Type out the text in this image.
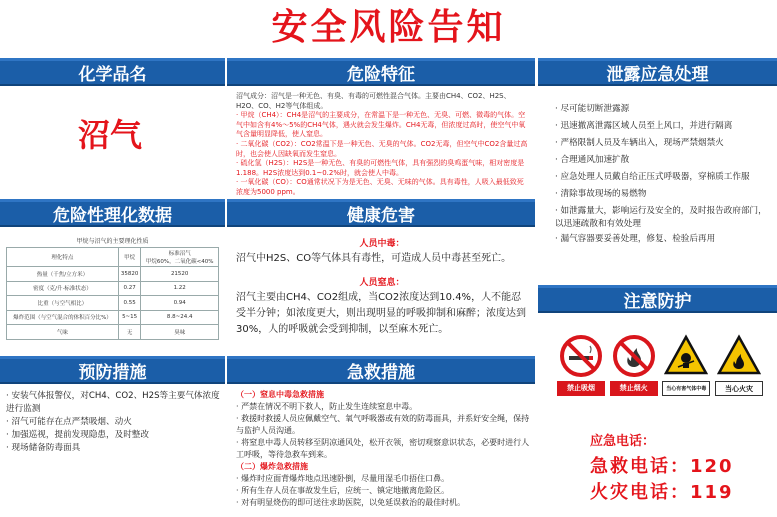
安全风险告知
化学品名
沼气
危险性理化数据
甲烷与沼气的主要理化性质
理化特点	甲烷	标准沼气
甲烷60%，二氧化碳<40%
热量（千焦/立方米）	35820	21520
密度（克/升·标准状态）	0.27	1.22
比重（与空气相比）	0.55	0.94
爆炸范围（与空气混合的体积百分比%）	5~15	8.8~24.4
气味	无	臭味
预防措施
· 安装气体报警仪，对CH4、CO2、H2S等主要气体浓度进行监测
· 沼气可能存在点严禁吸烟、动火
· 加强巡视，提前发现隐患，及时整改
· 现场储备防毒面具
危险特征
沼气成分：沼气是一种无色、有臭、有毒的可燃性混合气体。主要由CH4、CO2、H2S、H2O、CO、H2等气体组成。
· 甲烷（CH4）：CH4是沼气的主要成分，在常温下是一种无色、无臭、可燃、微毒的气体。空气中如含有4%～5%的CH4气体，遇火就会发生爆炸。CH4无毒，但浓度过高时，使空气中氧气含量明显降低，使人窒息。
· 二氧化碳（CO2）：CO2常温下是一种无色、无臭的气体。CO2无毒，但空气中CO2含量过高时，也会使人因缺氧而发生窒息。
· 硫化氢（H2S）：H2S是一种无色、有臭的可燃性气体，具有强烈的臭鸡蛋气味，相对密度是1.188。H2S浓度达到0.1~0.2%时，就会使人中毒。
· 一氧化碳（CO）：CO通常状况下为是无色、无臭、无味的气体。具有毒性，人吸入最低致死浓度为5000 ppm。
健康危害
人员中毒：
沼气中H2S、CO等气体具有毒性，可造成人员中毒甚至死亡。
人员窒息：
沼气主要由CH4、CO2组成，当CO2浓度达到10.4%，人不能忍受半分钟；如浓度更大，则出现明显的呼吸抑制和麻醉；浓度达到30%，人的呼吸就会受到抑制，以至麻木死亡。
急救措施
（一）窒息中毒急救措施
· 严禁在情况不明下救人，防止发生连续窒息中毒。
· 救援时救援人员应佩戴空气、氧气呼吸器或有效的防毒面具，并系好安全绳，保持与监护人员沟通。
· 将窒息中毒人员转移至阴凉通风处，松开衣领，密切观察意识状态，必要时进行人工呼吸，等待急救车到来。
（二）爆炸急救措施
· 爆炸时应面背爆炸地点迅速卧倒，尽量用湿毛巾捂住口鼻。
· 所有生存人员在事故发生后，应统一、镇定地撤离危险区。
· 对有明显烧伤的即可送往求助医院，以免延误救治的最佳时机。
泄露应急处理
· 尽可能切断泄露源
· 迅速撤离泄露区域人员至上风口，并进行隔离
· 严格限制人员及车辆出入，现场严禁烟禁火
· 合理通风加速扩散
· 应急处理人员戴自给正压式呼吸器，穿棉质工作服
· 清除事故现场的易燃物
· 如泄露量大，影响运行及安全的，及时报告政府部门，以迅速疏散和有效处理
· 漏气容器要妥善处理，修复、检验后再用
注意防护
禁止吸烟	禁止烟火	当心有害气体中毒	当心火灾
应急电话：
急救电话：120
火灾电话：119
